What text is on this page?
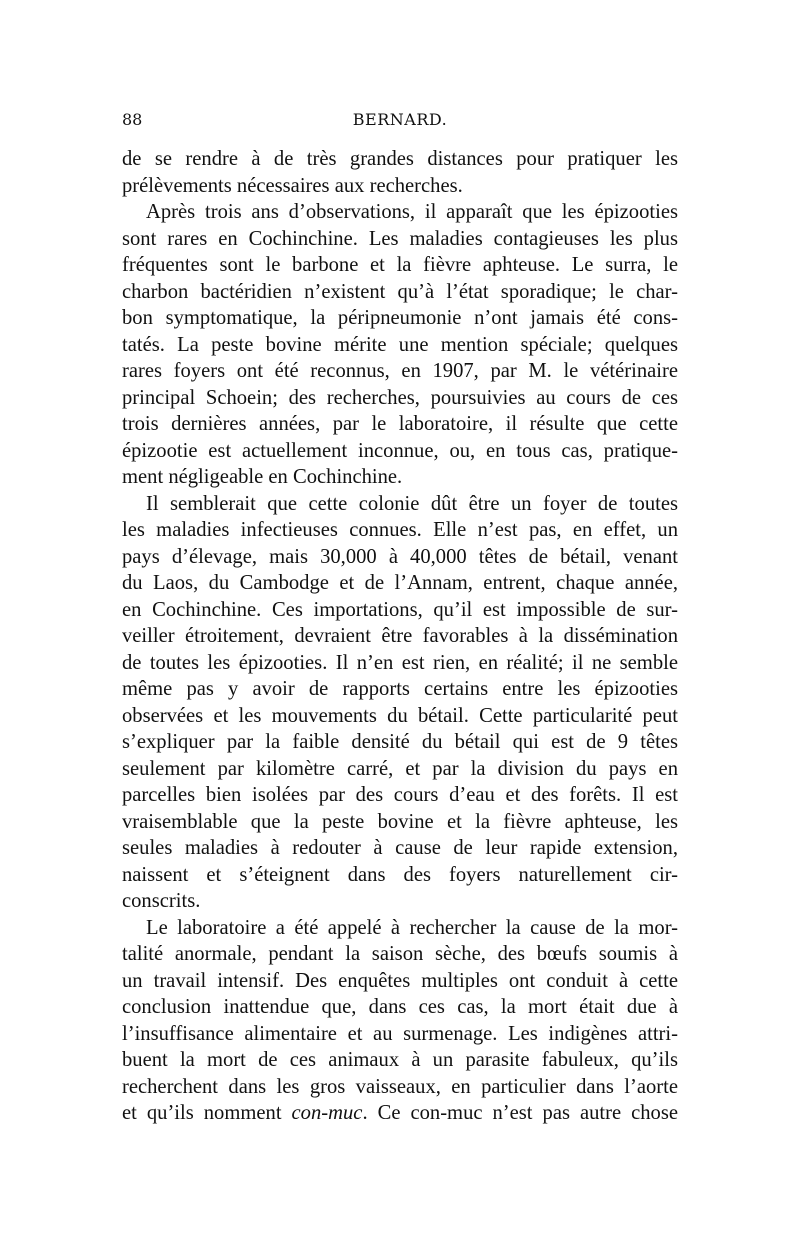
88	BERNARD.
de se rendre à de très grandes distances pour pratiquer les
prélèvements nécessaires aux recherches.
Après trois ans d’observations, il apparaît que les épizooties
sont rares en Cochinchine. Les maladies contagieuses les plus
fréquentes sont le barbone et la fièvre aphteuse. Le surra, le
charbon bactéridien n’existent qu’à l’état sporadique; le char-
bon symptomatique, la péripneumonie n’ont jamais été cons-
tatés. La peste bovine mérite une mention spéciale; quelques
rares foyers ont été reconnus, en 1907, par M. le vétérinaire
principal Schoein; des recherches, poursuivies au cours de ces
trois dernières années, par le laboratoire, il résulte que cette
épizootie est actuellement inconnue, ou, en tous cas, pratique-
ment négligeable en Cochinchine.
Il semblerait que cette colonie dût être un foyer de toutes
les maladies infectieuses connues. Elle n’est pas, en effet, un
pays d’élevage, mais 30,000 à 40,000 têtes de bétail, venant
du Laos, du Cambodge et de l’Annam, entrent, chaque année,
en Cochinchine. Ces importations, qu’il est impossible de sur-
veiller étroitement, devraient être favorables à la dissémination
de toutes les épizooties. Il n’en est rien, en réalité; il ne semble
même pas y avoir de rapports certains entre les épizooties
observées et les mouvements du bétail. Cette particularité peut
s’expliquer par la faible densité du bétail qui est de 9 têtes
seulement par kilomètre carré, et par la division du pays en
parcelles bien isolées par des cours d’eau et des forêts. Il est
vraisemblable que la peste bovine et la fièvre aphteuse, les
seules maladies à redouter à cause de leur rapide extension,
naissent et s’éteignent dans des foyers naturellement cir-
conscrits.
Le laboratoire a été appelé à rechercher la cause de la mor-
talité anormale, pendant la saison sèche, des bœufs soumis à
un travail intensif. Des enquêtes multiples ont conduit à cette
conclusion inattendue que, dans ces cas, la mort était due à
l’insuffisance alimentaire et au surmenage. Les indigènes attri-
buent la mort de ces animaux à un parasite fabuleux, qu’ils
recherchent dans les gros vaisseaux, en particulier dans l’aorte
et qu’ils nomment con-muc. Ce con-muc n’est pas autre chose
